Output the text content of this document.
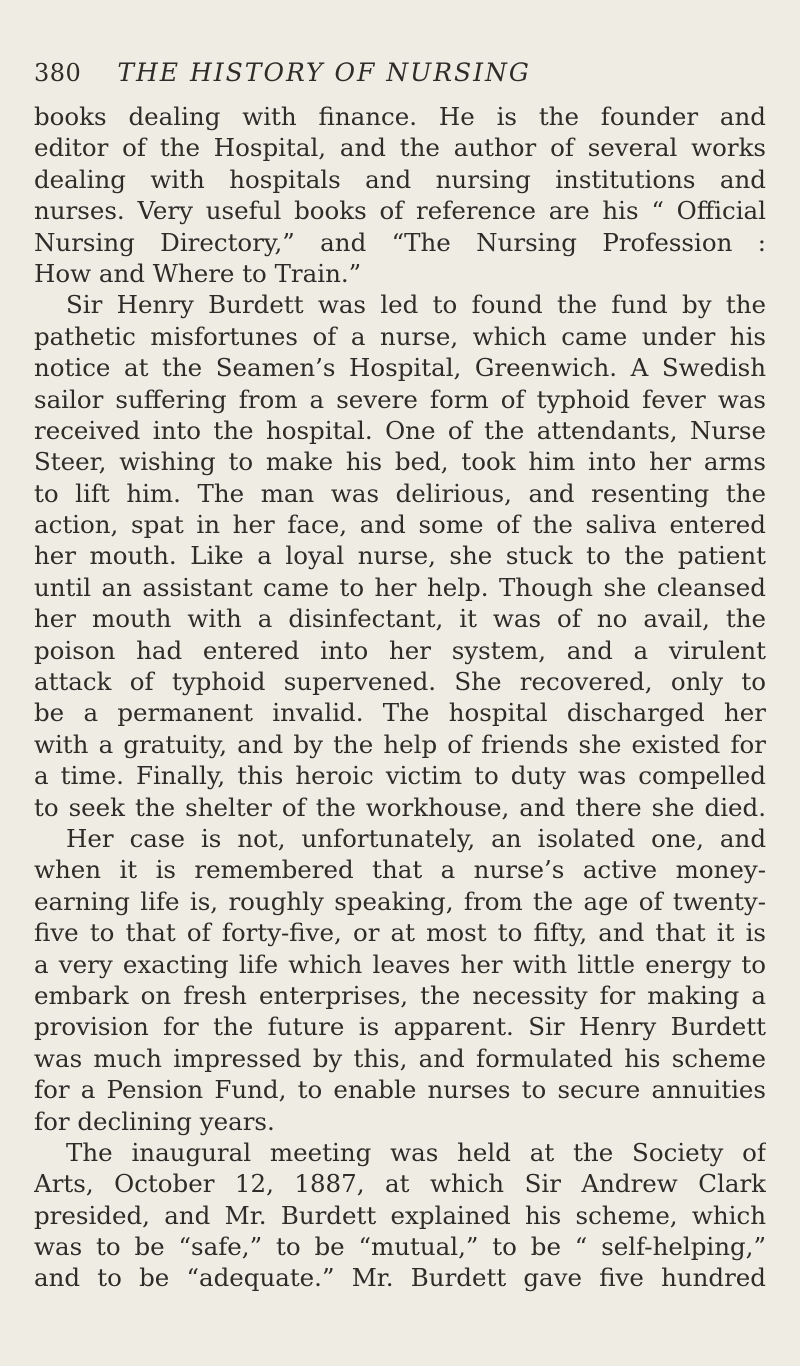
380 THE HISTORY OF NURSING
books dealing with finance. He is the founder and
editor of the Hospital, and the author of several works
dealing with hospitals and nursing institutions and
nurses. Very useful books of reference are his “ Official
Nursing Directory,” and “The Nursing Profession :
How and Where to Train.”
Sir Henry Burdett was led to found the fund by the
pathetic misfortunes of a nurse, which came under his
notice at the Seamen’s Hospital, Greenwich. A Swedish
sailor suffering from a severe form of typhoid fever was
received into the hospital. One of the attendants, Nurse
Steer, wishing to make his bed, took him into her arms
to lift him. The man was delirious, and resenting the
action, spat in her face, and some of the saliva entered
her mouth. Like a loyal nurse, she stuck to the patient
until an assistant came to her help. Though she cleansed
her mouth with a disinfectant, it was of no avail, the
poison had entered into her system, and a virulent
attack of typhoid supervened. She recovered, only to
be a permanent invalid. The hospital discharged her
with a gratuity, and by the help of friends she existed for
a time. Finally, this heroic victim to duty was compelled
to seek the shelter of the workhouse, and there she died.
Her case is not, unfortunately, an isolated one, and
when it is remembered that a nurse’s active money-
earning life is, roughly speaking, from the age of twenty-
five to that of forty-five, or at most to fifty, and that it is
a very exacting life which leaves her with little energy to
embark on fresh enterprises, the necessity for making a
provision for the future is apparent. Sir Henry Burdett
was much impressed by this, and formulated his scheme
for a Pension Fund, to enable nurses to secure annuities
for declining years.
The inaugural meeting was held at the Society of
Arts, October 12, 1887, at which Sir Andrew Clark
presided, and Mr. Burdett explained his scheme, which
was to be “safe,” to be “mutual,” to be “ self-helping,”
and to be “adequate.” Mr. Burdett gave five hundred
